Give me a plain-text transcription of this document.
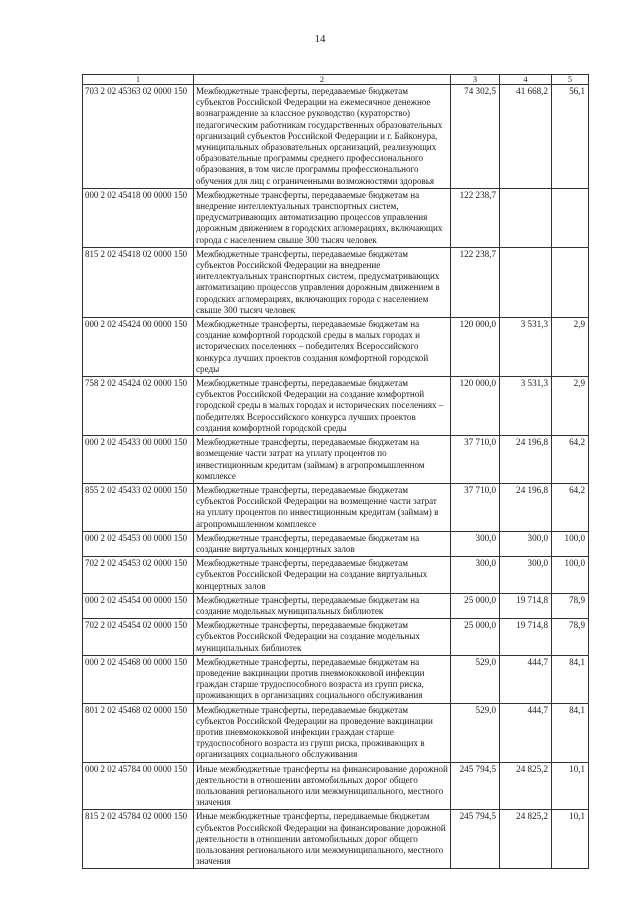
14
1	2	3	4	5
703 2 02 45363 02 0000 150	Межбюджетные трансферты, передаваемые бюджетам субъектов Российской Федерации на ежемесячное денежное вознаграждение за классное руководство (кураторство) педагогическим работникам государственных образовательных организаций субъектов Российской Федерации и г. Байконура, муниципальных образовательных организаций, реализующих образовательные программы среднего профессионального образования, в том числе программы профессионального обучения для лиц с ограниченными возможностями здоровья	74 302,5	41 668,2	56,1
000 2 02 45418 00 0000 150	Межбюджетные трансферты, передаваемые бюджетам на внедрение интеллектуальных транспортных систем, предусматривающих автоматизацию процессов управления дорожным движением в городских агломерациях, включающих города с населением свыше 300 тысяч человек	122 238,7		
815 2 02 45418 02 0000 150	Межбюджетные трансферты, передаваемые бюджетам субъектов Российской Федерации на внедрение интеллектуальных транспортных систем, предусматривающих автоматизацию процессов управления дорожным движением в городских агломерациях, включающих города с населением свыше 300 тысяч человек	122 238,7		
000 2 02 45424 00 0000 150	Межбюджетные трансферты, передаваемые бюджетам на создание комфортной городской среды в малых городах и исторических поселениях – победителях Всероссийского конкурса лучших проектов создания комфортной городской среды	120 000,0	3 531,3	2,9
758 2 02 45424 02 0000 150	Межбюджетные трансферты, передаваемые бюджетам субъектов Российской Федерации на создание комфортной городской среды в малых городах и исторических поселениях – победителях Всероссийского конкурса лучших проектов создания комфортной городской среды	120 000,0	3 531,3	2,9
000 2 02 45433 00 0000 150	Межбюджетные трансферты, передаваемые бюджетам на возмещение части затрат на уплату процентов по инвестиционным кредитам (займам) в агропромышленном комплексе	37 710,0	24 196,8	64,2
855 2 02 45433 02 0000 150	Межбюджетные трансферты, передаваемые бюджетам субъектов Российской Федерации на возмещение части затрат на уплату процентов по инвестиционным кредитам (займам) в агропромышленном комплексе	37 710,0	24 196,8	64,2
000 2 02 45453 00 0000 150	Межбюджетные трансферты, передаваемые бюджетам на создание виртуальных концертных залов	300,0	300,0	100,0
702 2 02 45453 02 0000 150	Межбюджетные трансферты, передаваемые бюджетам субъектов Российской Федерации на создание виртуальных концертных залов	300,0	300,0	100,0
000 2 02 45454 00 0000 150	Межбюджетные трансферты, передаваемые бюджетам на создание модельных муниципальных библиотек	25 000,0	19 714,8	78,9
702 2 02 45454 02 0000 150	Межбюджетные трансферты, передаваемые бюджетам субъектов Российской Федерации на создание модельных муниципальных библиотек	25 000,0	19 714,8	78,9
000 2 02 45468 00 0000 150	Межбюджетные трансферты, передаваемые бюджетам на проведение вакцинации против пневмококковой инфекции граждан старше трудоспособного возраста из групп риска, проживающих в организациях социального обслуживания	529,0	444,7	84,1
801 2 02 45468 02 0000 150	Межбюджетные трансферты, передаваемые бюджетам субъектов Российской Федерации на проведение вакцинации против пневмококковой инфекции граждан старше трудоспособного возраста из групп риска, проживающих в организациях социального обслуживания	529,0	444,7	84,1
000 2 02 45784 00 0000 150	Иные межбюджетные трансферты на финансирование дорожной деятельности в отношении автомобильных дорог общего пользования регионального или межмуниципального, местного значения	245 794,5	24 825,2	10,1
815 2 02 45784 02 0000 150	Иные межбюджетные трансферты, передаваемые бюджетам субъектов Российской Федерации на финансирование дорожной деятельности в отношении автомобильных дорог общего пользования регионального или межмуниципального, местного значения	245 794,5	24 825,2	10,1
